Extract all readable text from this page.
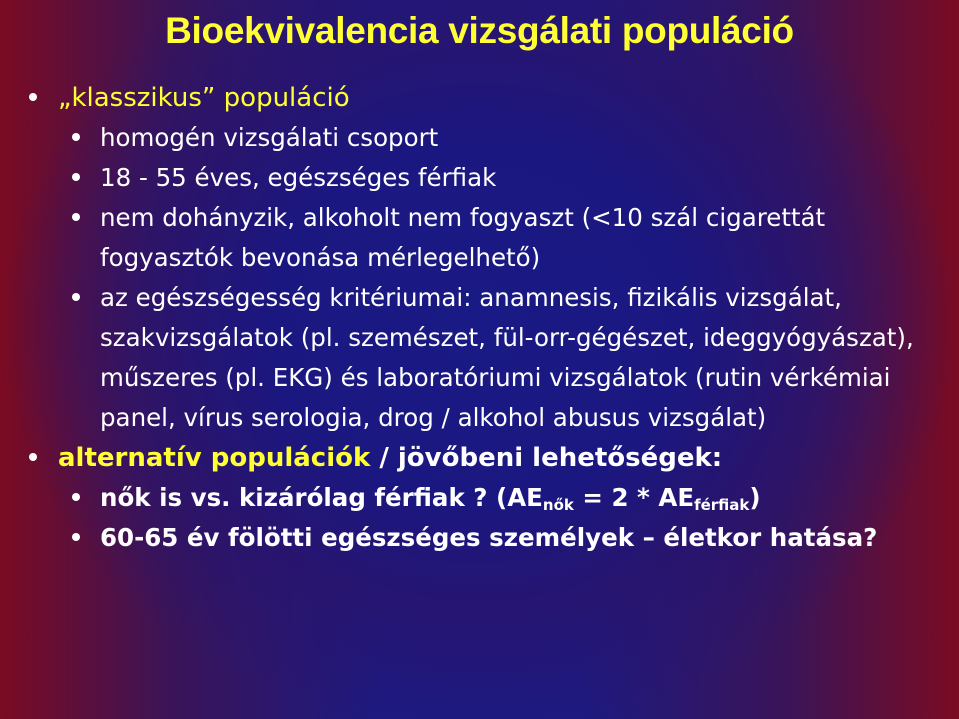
Bioekvivalencia vizsgálati populáció
„klasszikus” populáció
homogén vizsgálati csoport
18 - 55 éves, egészséges férfiak
nem dohányzik, alkoholt nem fogyaszt (<10 szál cigarettát fogyasztók bevonása mérlegelhető)
az egészségesség kritériumai: anamnesis, fizikális vizsgálat, szakvizsgálatok (pl. szemészet, fül-orr-gégészet, ideggyógyászat), műszeres (pl. EKG) és laboratóriumi vizsgálatok (rutin vérkémiai panel, vírus serologia, drog / alkohol abusus vizsgálat)
alternatív populációk / jövőbeni lehetőségek:
nők is vs. kizárólag férfiak ? $(AE_{nők} = 2 * AE_{férfiak})$
60-65 év fölötti egészséges személyek – életkor hatása?
